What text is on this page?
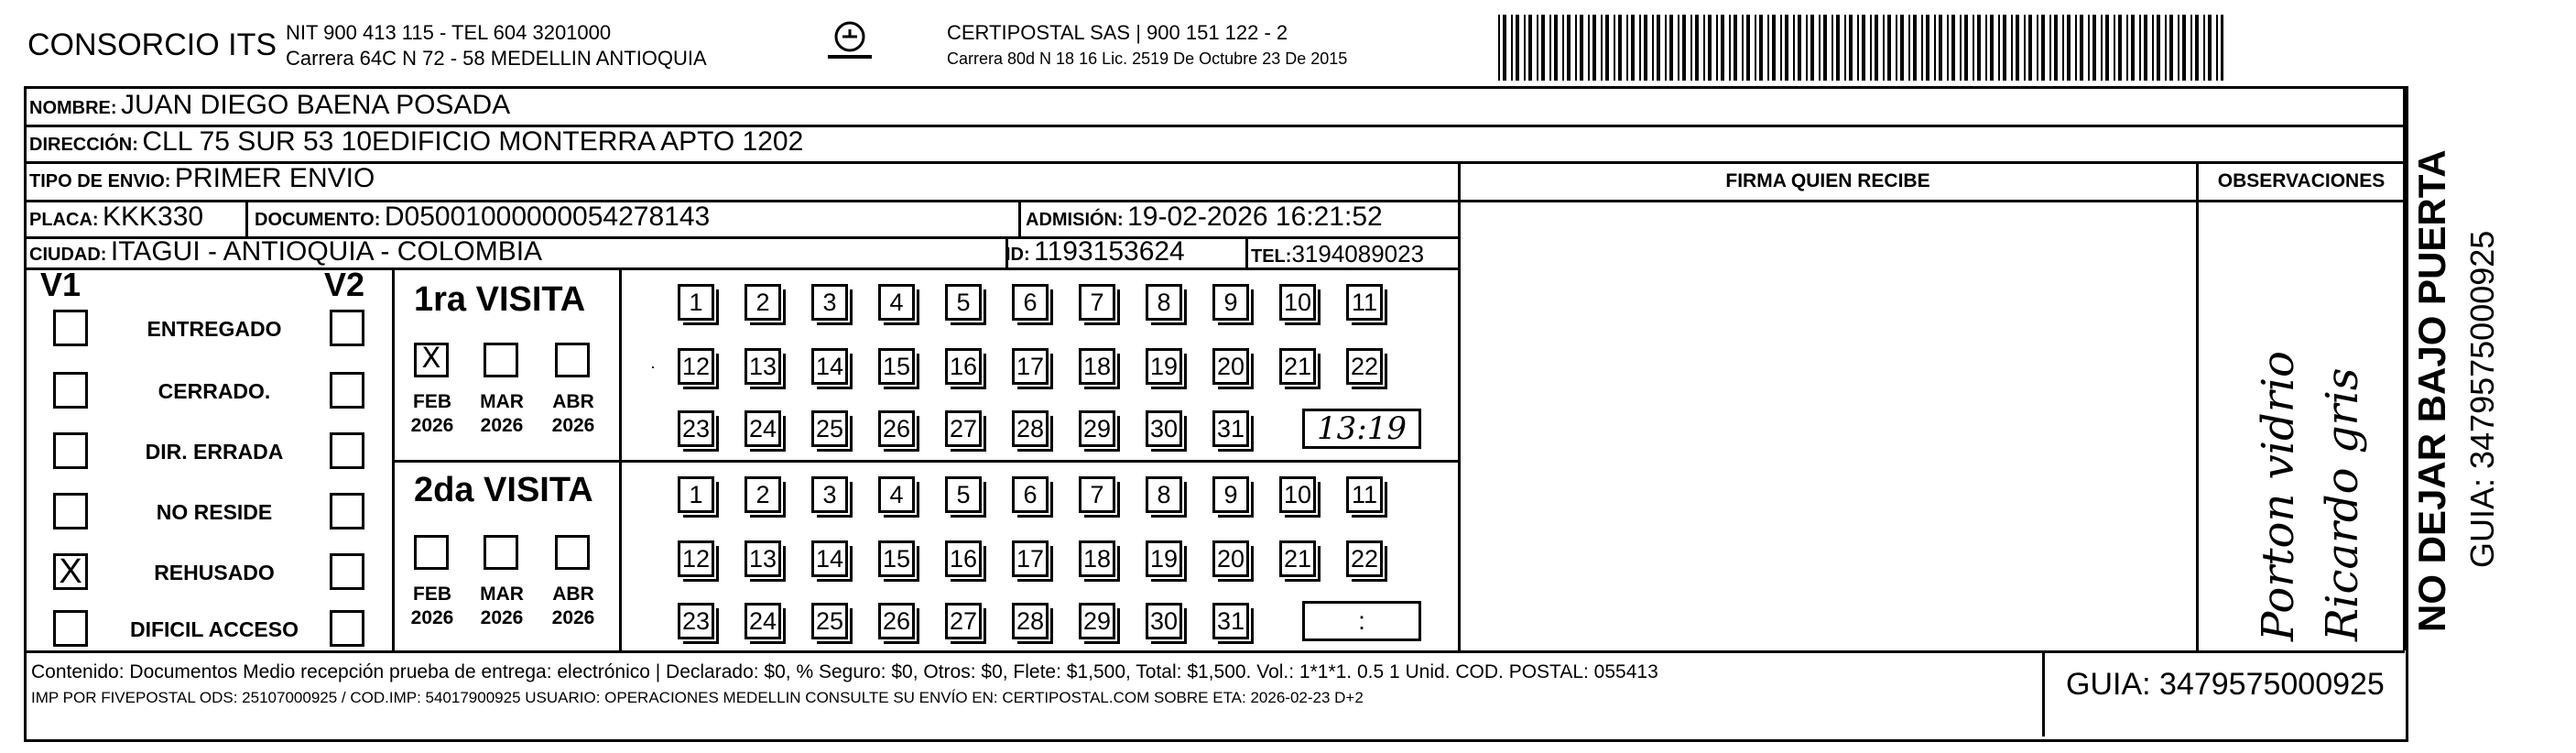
CONSORCIO ITS NIT 900 413 115 - TEL 604 3201000
Carrera 64C N 72 - 58 MEDELLIN ANTIOQUIA
CERTIPOSTAL SAS | 900 151 122 - 2
Carrera 80d N 18 16 Lic. 2519 De Octubre 23 De 2015
NOMBRE: JUAN DIEGO BAENA POSADA
DIRECCIÓN: CLL 75 SUR 53 10EDIFICIO MONTERRA APTO 1202
TIPO DE ENVIO: PRIMER ENVIO	FIRMA QUIEN RECIBE	OBSERVACIONES
PLACA: KKK330	DOCUMENTO: D05001000000054278143	ADMISIÓN: 19-02-2026 16:21:52
CIUDAD: ITAGUI - ANTIOQUIA - COLOMBIA	ID: 1193153624	TEL:3194089023
V1	V2
ENTREGADO
CERRADO.
DIR. ERRADA
NO RESIDE
X	REHUSADO
DIFICIL ACCESO
1ra VISITA
X
FEB
2026
MAR
2026
ABR
2026
1	2	3	4	5	6	7	8	9	10 11
12 13 14 15 16 17 18 19 20 21 22
23 24 25 26 27 28 29 30 31	13:19
2da VISITA
FEB
2026
MAR
2026
ABR
2026
1	2	3	4	5	6	7	8	9	10 11
12 13 14 15 16 17 18 19 20 21 22
23 24 25 26 27 28 29 30 31	:
·	Porton vidrio Ricardo gris NO DEJAR BAJO PUERTA GUIA: 3479575000925
Contenido: Documentos Medio recepción prueba de entrega: electrónico | Declarado: $0, % Seguro: $0, Otros: $0, Flete: $1,500, Total: $1,500. Vol.: 1*1*1. 0.5 1 Unid. COD. POSTAL: 055413
IMP POR FIVEPOSTAL ODS: 25107000925 / COD.IMP: 54017900925 USUARIO: OPERACIONES MEDELLIN CONSULTE SU ENVÍO EN: CERTIPOSTAL.COM SOBRE ETA: 2026-02-23 D+2	GUIA: 3479575000925
